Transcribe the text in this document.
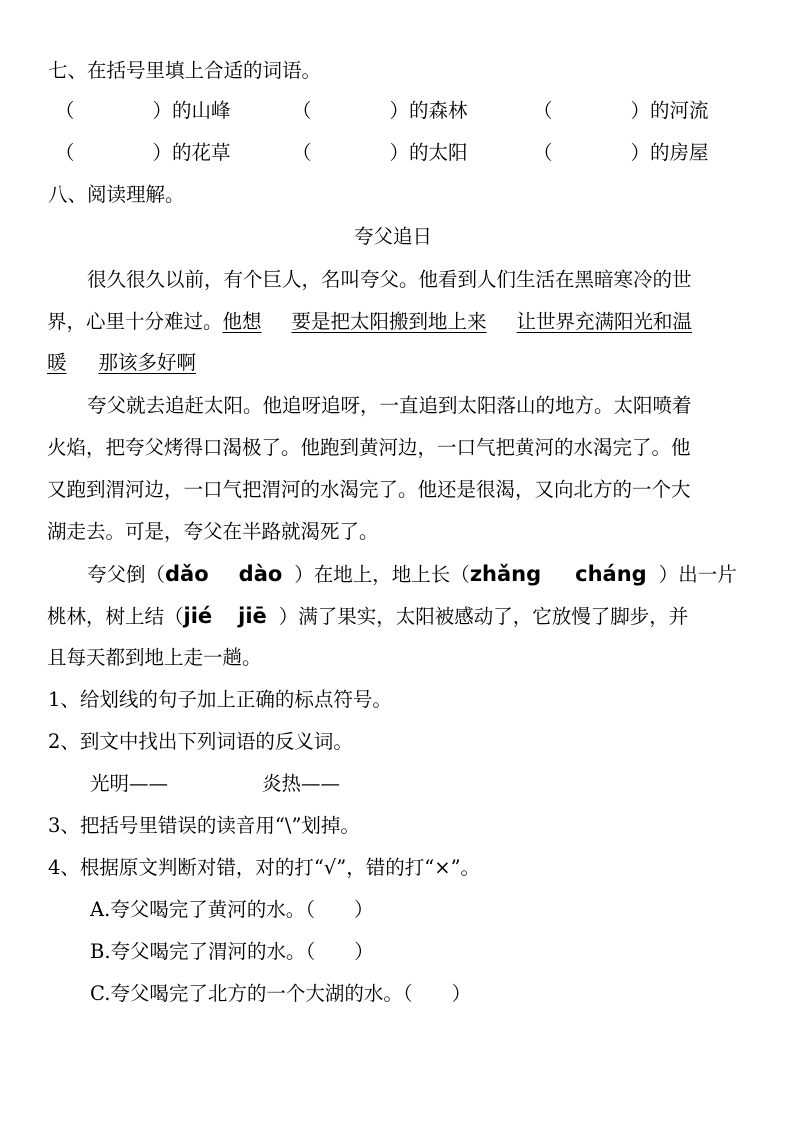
七、在括号里填上合适的词语。
（　　　　）的山峰	（　　　　）的森林	（　　　　）的河流
（　　　　）的花草	（　　　　）的太阳	（　　　　）的房屋
八、阅读理解。
夸父追日
很久很久以前，有个巨人，名叫夸父。他看到人们生活在黑暗寒冷的世
界，心里十分难过。他想 要是把太阳搬到地上来 让世界充满阳光和温
暖 那该多好啊
夸父就去追赶太阳。他追呀追呀，一直追到太阳落山的地方。太阳喷着
火焰，把夸父烤得口渴极了。他跑到黄河边，一口气把黄河的水渴完了。他
又跑到渭河边，一口气把渭河的水渴完了。他还是很渴，又向北方的一个大
湖走去。可是，夸父在半路就渴死了。
夸父倒（dǎo dào ）在地上，地上长（zhǎng cháng ）出一片
桃林，树上结（jié jiē ）满了果实，太阳被感动了，它放慢了脚步，并
且每天都到地上走一趟。
1、给划线的句子加上正确的标点符号。
2、到文中找出下列词语的反义词。
光明——	炎热——
3、把括号里错误的读音用“\”划掉。
4、根据原文判断对错，对的打“√”，错的打“×”。
A.夸父喝完了黄河的水。（　　）
B.夸父喝完了渭河的水。（　　）
C.夸父喝完了北方的一个大湖的水。（　　）
